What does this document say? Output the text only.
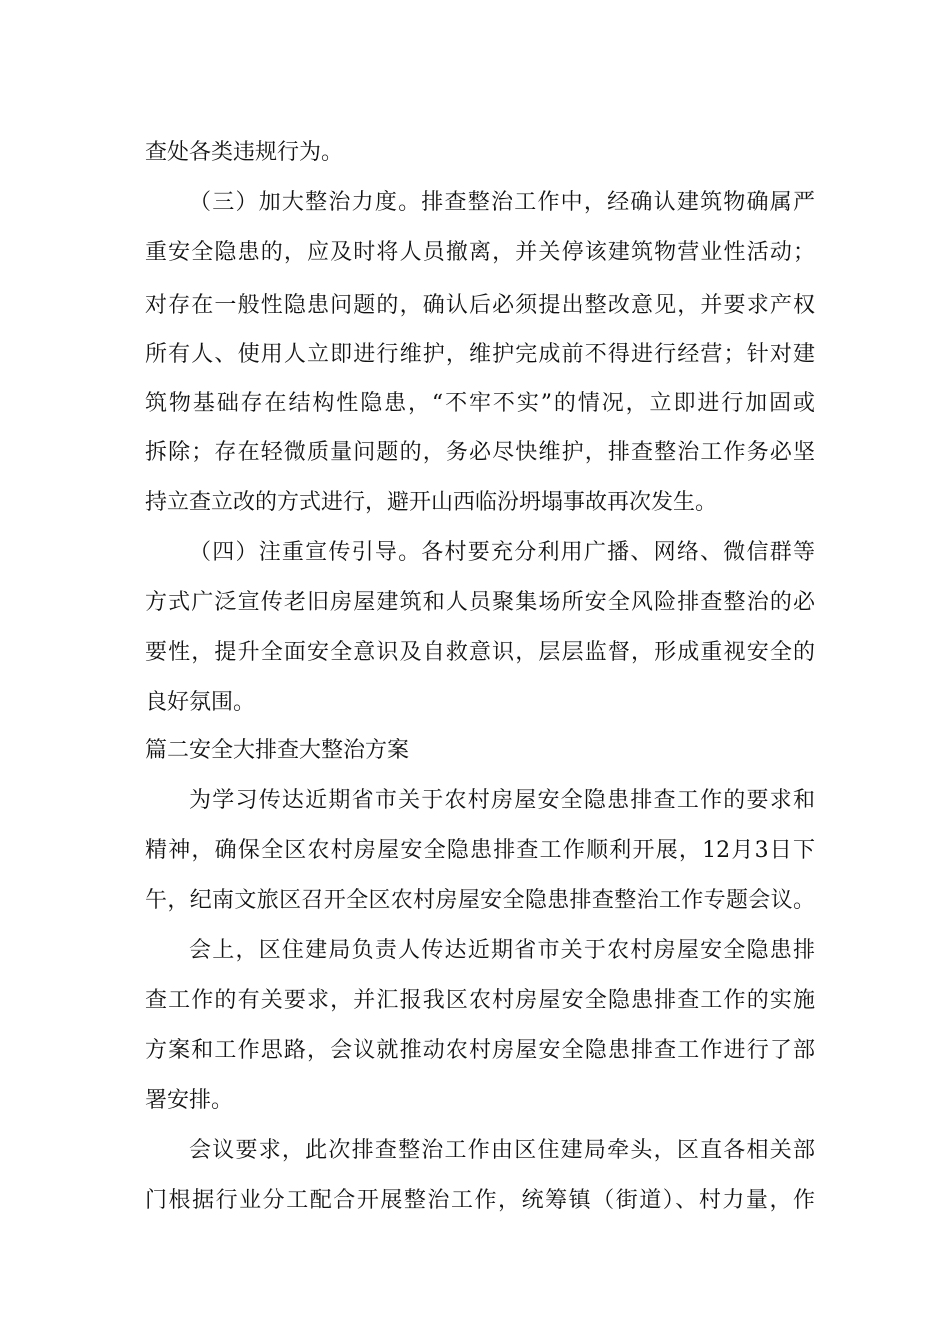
查处各类违规行为。
（三）加大整治力度。排查整治工作中，经确认建筑物确属严
重安全隐患的，应及时将人员撤离，并关停该建筑物营业性活动；
对存在一般性隐患问题的，确认后必须提出整改意见，并要求产权
所有人、使用人立即进行维护，维护完成前不得进行经营；针对建
筑物基础存在结构性隐患，“不牢不实”的情况，立即进行加固或
拆除；存在轻微质量问题的，务必尽快维护，排查整治工作务必坚
持立查立改的方式进行，避开山西临汾坍塌事故再次发生。
（四）注重宣传引导。各村要充分利用广播、网络、微信群等
方式广泛宣传老旧房屋建筑和人员聚集场所安全风险排查整治的必
要性，提升全面安全意识及自救意识，层层监督，形成重视安全的
良好氛围。
篇二安全大排查大整治方案
为学习传达近期省市关于农村房屋安全隐患排查工作的要求和
精神，确保全区农村房屋安全隐患排查工作顺利开展，12月3日下
午，纪南文旅区召开全区农村房屋安全隐患排查整治工作专题会议。
会上，区住建局负责人传达近期省市关于农村房屋安全隐患排
查工作的有关要求，并汇报我区农村房屋安全隐患排查工作的实施
方案和工作思路，会议就推动农村房屋安全隐患排查工作进行了部
署安排。
会议要求，此次排查整治工作由区住建局牵头，区直各相关部
门根据行业分工配合开展整治工作，统筹镇（街道）、村力量，作
